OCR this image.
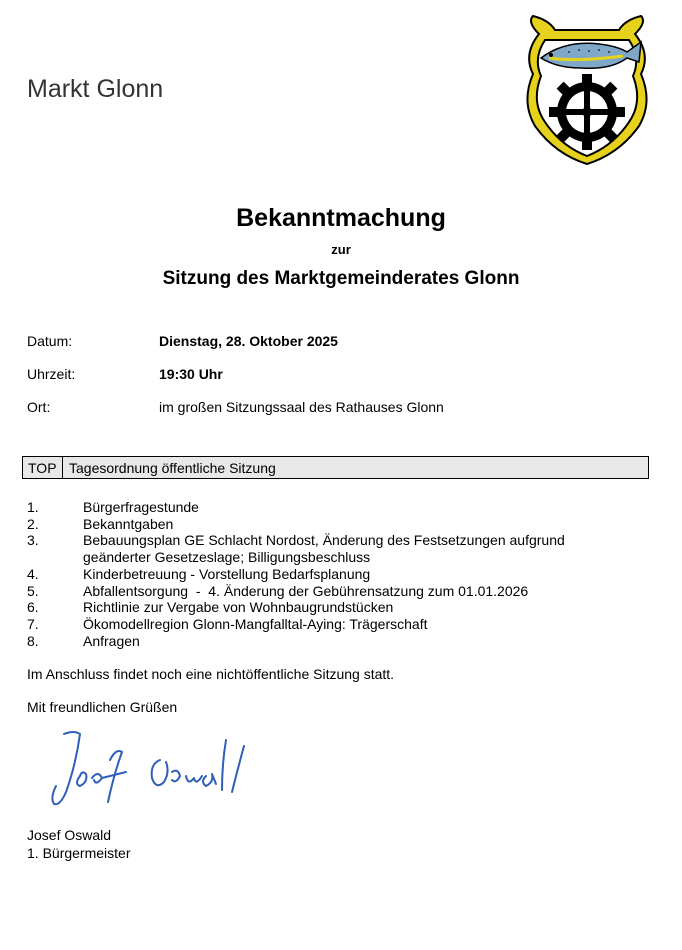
Markt Glonn
Bekanntmachung
zur
Sitzung des Marktgemeinderates Glonn
Datum:	Dienstag, 28. Oktober 2025
Uhrzeit:	19:30 Uhr
Ort:	im großen Sitzungssaal des Rathauses Glonn
TOP Tagesordnung öffentliche Sitzung
1.	Bürgerfragestunde
2.	Bekanntgaben
3.	Bebauungsplan GE Schlacht Nordost, Änderung des Festsetzungen aufgrund geänderter Gesetzeslage; Billigungsbeschluss
4.	Kinderbetreuung - Vorstellung Bedarfsplanung
5.	Abfallentsorgung  -  4. Änderung der Gebührensatzung zum 01.01.2026
6.	Richtlinie zur Vergabe von Wohnbaugrundstücken
7.	Ökomodellregion Glonn-Mangfalltal-Aying: Trägerschaft
8.	Anfragen
Im Anschluss findet noch eine nichtöffentliche Sitzung statt.
Mit freundlichen Grüßen
Josef Oswald
1. Bürgermeister
